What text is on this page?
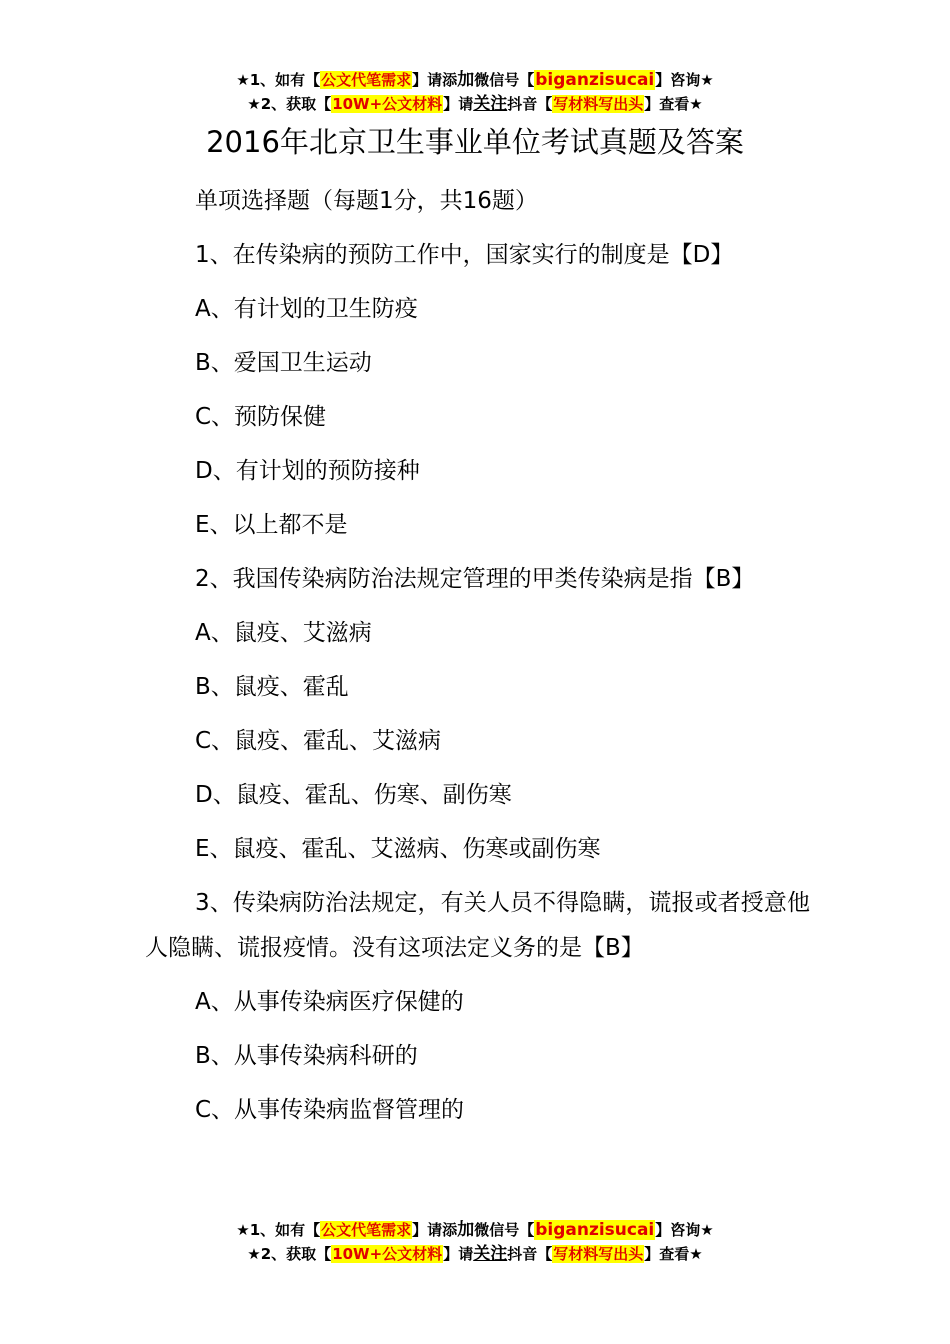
★1、如有【公文代笔需求】请添加微信号【biganzisucai】咨询★
★2、获取【10W+公文材料】请关注抖音【写材料写出头】查看★
2016年北京卫生事业单位考试真题及答案

单项选择题（每题1分，共16题）

1、在传染病的预防工作中，国家实行的制度是【D】

A、有计划的卫生防疫

B、爱国卫生运动

C、预防保健

D、有计划的预防接种

E、以上都不是

2、我国传染病防治法规定管理的甲类传染病是指【B】

A、鼠疫、艾滋病

B、鼠疫、霍乱

C、鼠疫、霍乱、艾滋病

D、鼠疫、霍乱、伤寒、副伤寒

E、鼠疫、霍乱、艾滋病、伤寒或副伤寒

3、传染病防治法规定，有关人员不得隐瞒，谎报或者授意他人隐瞒、谎报疫情。没有这项法定义务的是【B】

A、从事传染病医疗保健的

B、从事传染病科研的

C、从事传染病监督管理的

★1、如有【公文代笔需求】请添加微信号【biganzisucai】咨询★
★2、获取【10W+公文材料】请关注抖音【写材料写出头】查看★
